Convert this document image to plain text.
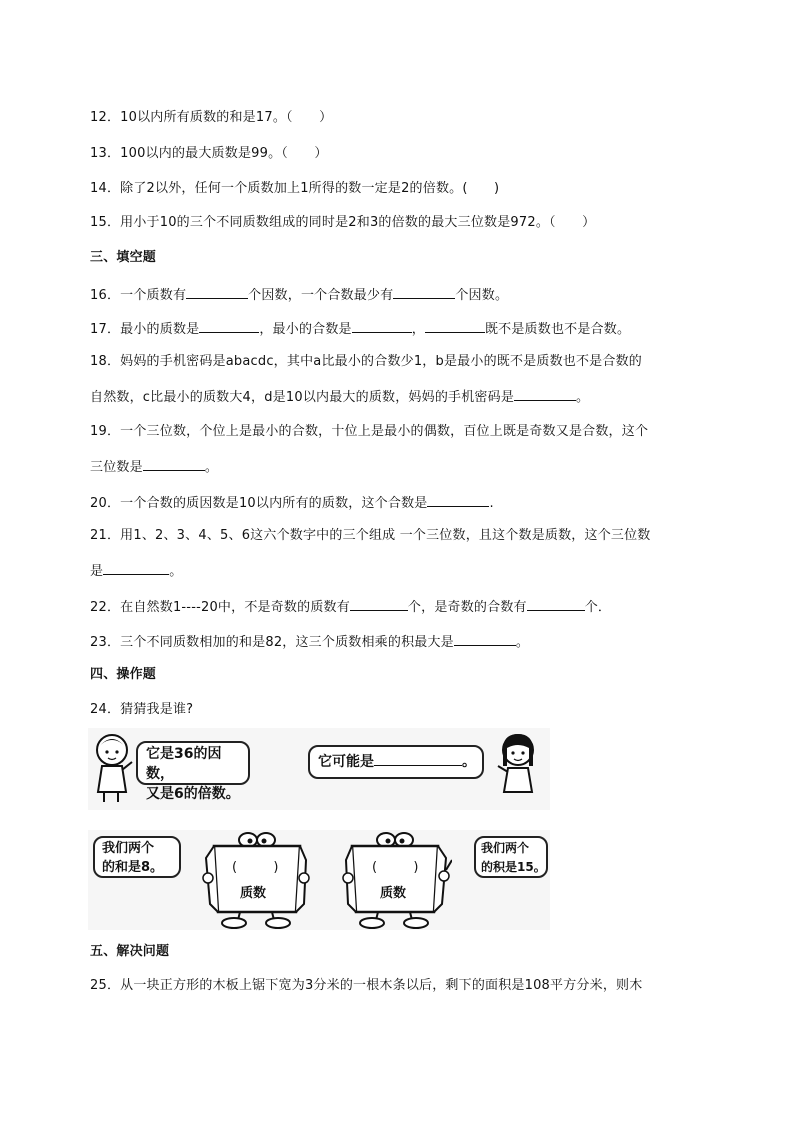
12．10以内所有质数的和是17。（　　）
13．100以内的最大质数是99。（　　）
14．除了2以外，任何一个质数加上1所得的数一定是2的倍数。(　　)
15．用小于10的三个不同质数组成的同时是2和3的倍数的最大三位数是972。（　　）
三、填空题
16．一个质数有	个因数，一个合数最少有	个因数。
17．最小的质数是	，最小的合数是	，	既不是质数也不是合数。
18．妈妈的手机密码是abacdc，其中a比最小的合数少1，b是最小的既不是质数也不是合数的
自然数，c比最小的质数大4，d是10以内最大的质数，妈妈的手机密码是	。
19．一个三位数，个位上是最小的合数，十位上是最小的偶数，百位上既是奇数又是合数，这个
三位数是	。
20．一个合数的质因数是10以内所有的质数，这个合数是	.
21．用1、2、3、4、5、6这六个数字中的三个组成 一个三位数，且这个数是质数，这个三位数
是	。
22．在自然数1----20中，不是奇数的质数有	个，是奇数的合数有	个．
23．三个不同质数相加的和是82，这三个质数相乘的积最大是	。
四、操作题
24．猜猜我是谁?
它是36的因数，
又是6的倍数。
它可能是	。
我们两个
的和是8。	(	)
质数
(	)
质数
我们两个
的积是15。
五、解决问题
25．从一块正方形的木板上锯下宽为3分米的一根木条以后，剩下的面积是108平方分米，则木
